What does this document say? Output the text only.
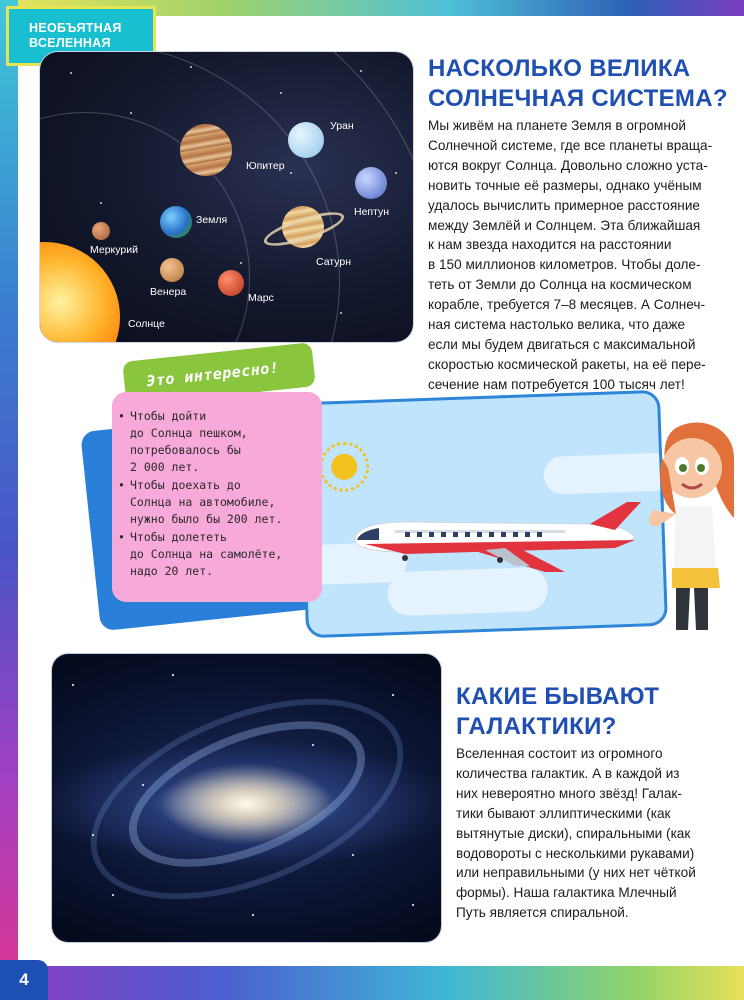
НЕОБЪЯТНАЯ
ВСЕЛЕННАЯ
Уран
Юпитер
Земля
Нептун
Меркурий
Сатурн
Венера	Марс
Солнце
НАСКОЛЬКО ВЕЛИКА
СОЛНЕЧНАЯ СИСТЕМА?
Мы живём на планете Земля в огромной
Солнечной системе, где все планеты враща-
ются вокруг Солнца. Довольно сложно уста-
новить точные её размеры, однако учёным
удалось вычислить примерное расстояние
между Землёй и Солнцем. Эта ближайшая
к нам звезда находится на расстоянии
в 150 миллионов километров. Чтобы доле-
теть от Земли до Солнца на космическом
корабле, требуется 7–8 месяцев. А Солнеч-
ная система настолько велика, что даже
если мы будем двигаться с максимальной
скоростью космической ракеты, на её пере-
сечение нам потребуется 100 тысяч лет!
Это интересно!
• Чтобы дойти
до Солнца пешком,
потребовалось бы
2 000 лет.
• Чтобы доехать до
Солнца на автомобиле,
нужно было бы 200 лет.
• Чтобы долететь
до Солнца на самолёте,
надо 20 лет.
КАКИЕ БЫВАЮТ
ГАЛАКТИКИ?
Вселенная состоит из огромного
количества галактик. А в каждой из
них невероятно много звёзд! Галак-
тики бывают эллиптическими (как
вытянутые диски), спиральными (как
водовороты с несколькими рукавами)
или неправильными (у них нет чёткой
формы). Наша галактика Млечный
Путь является спиральной.
4
